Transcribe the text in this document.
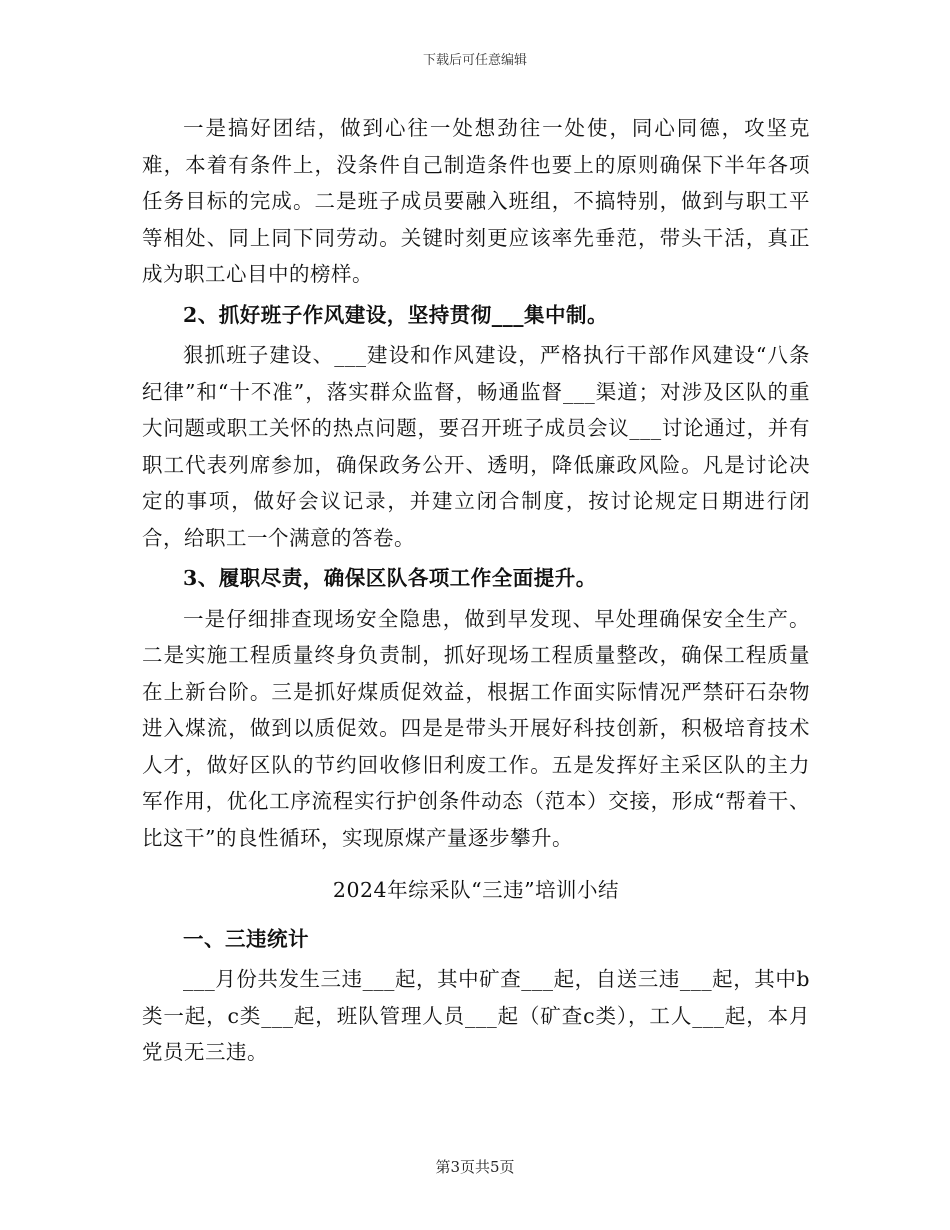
下载后可任意编辑

一是搞好团结，做到心往一处想劲往一处使，同心同德，攻坚克难，本着有条件上，没条件自己制造条件也要上的原则确保下半年各项任务目标的完成。二是班子成员要融入班组，不搞特别，做到与职工平等相处、同上同下同劳动。关键时刻更应该率先垂范，带头干活，真正成为职工心目中的榜样。

2、抓好班子作风建设，坚持贯彻___集中制。

狠抓班子建设、___建设和作风建设，严格执行干部作风建设“八条纪律”和“十不准”，落实群众监督，畅通监督___渠道；对涉及区队的重大问题或职工关怀的热点问题，要召开班子成员会议___讨论通过，并有职工代表列席参加，确保政务公开、透明，降低廉政风险。凡是讨论决定的事项，做好会议记录，并建立闭合制度，按讨论规定日期进行闭合，给职工一个满意的答卷。

3、履职尽责，确保区队各项工作全面提升。

一是仔细排查现场安全隐患，做到早发现、早处理确保安全生产。二是实施工程质量终身负责制，抓好现场工程质量整改，确保工程质量在上新台阶。三是抓好煤质促效益，根据工作面实际情况严禁矸石杂物进入煤流，做到以质促效。四是是带头开展好科技创新，积极培育技术人才，做好区队的节约回收修旧利废工作。五是发挥好主采区队的主力军作用，优化工序流程实行护创条件动态（范本）交接，形成“帮着干、比这干”的良性循环，实现原煤产量逐步攀升。

2024年综采队“三违”培训小结

一、三违统计

___月份共发生三违___起，其中矿查___起，自送三违___起，其中b类一起，c类___起，班队管理人员___起（矿查c类），工人___起，本月党员无三违。

第3页共5页
